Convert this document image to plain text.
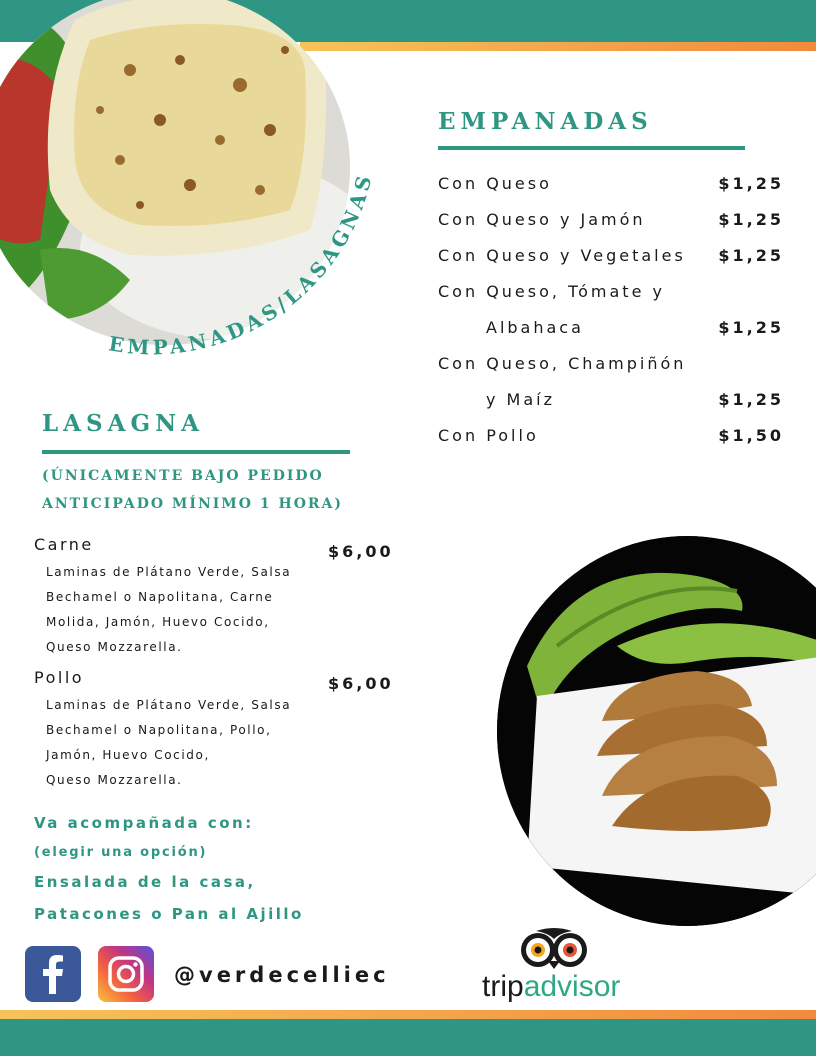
EMPANADAS/LASAGNAS
EMPANADAS
Con Queso	$1,25
Con Queso y Jamón	$1,25
Con Queso y Vegetales $1,25
Con Queso, Tómate y
Albahaca	$1,25
Con Queso, Champiñón
y Maíz	$1,25
Con Pollo	$1,50
LASAGNA
(ÚNICAMENTE BAJO PEDIDO
ANTICIPADO MÍNIMO 1 HORA)
Carne	$6,00
Laminas de Plátano Verde, Salsa
Bechamel o Napolitana, Carne
Molida, Jamón, Huevo Cocido,
Queso Mozzarella.
Pollo	$6,00
Laminas de Plátano Verde, Salsa
Bechamel o Napolitana, Pollo,
Jamón, Huevo Cocido,
Queso Mozzarella.
Va acompañada con:
(elegir una opción)
Ensalada de la casa,
Patacones o Pan al Ajillo
@verdecelliec	tripadvisor
